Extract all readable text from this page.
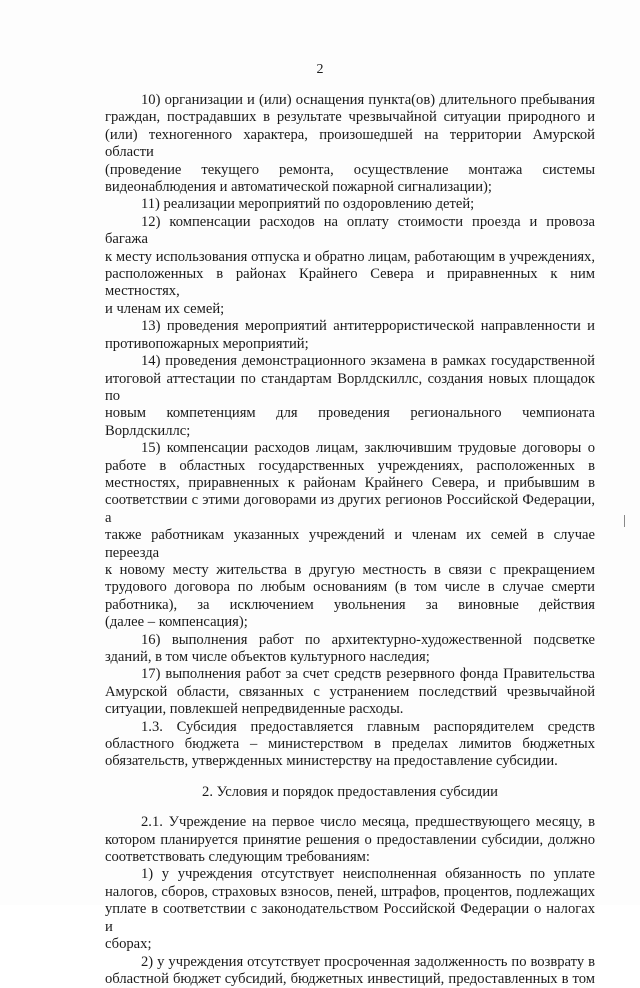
2

10) организации и (или) оснащения пункта(ов) длительного пребывания
граждан, пострадавших в результате чрезвычайной ситуации природного и
(или) техногенного характера, произошедшей на территории Амурской области
(проведение текущего ремонта, осуществление монтажа системы
видеонаблюдения и автоматической пожарной сигнализации);

11) реализации мероприятий по оздоровлению детей;

12) компенсации расходов на оплату стоимости проезда и провоза багажа
к месту использования отпуска и обратно лицам, работающим в учреждениях,
расположенных в районах Крайнего Севера и приравненных к ним местностях,
и членам их семей;

13) проведения мероприятий антитеррористической направленности и
противопожарных мероприятий;

14) проведения демонстрационного экзамена в рамках государственной
итоговой аттестации по стандартам Ворлдскиллс, создания новых площадок по
новым компетенциям для проведения регионального чемпионата Ворлдскиллс;

15) компенсации расходов лицам, заключившим трудовые договоры о
работе в областных государственных учреждениях, расположенных в
местностях, приравненных к районам Крайнего Севера, и прибывшим в
соответствии с этими договорами из других регионов Российской Федерации, а
также работникам указанных учреждений и членам их семей в случае переезда
к новому месту жительства в другую местность в связи с прекращением
трудового договора по любым основаниям (в том числе в случае смерти
работника), за исключением увольнения за виновные действия
(далее – компенсация);

16) выполнения работ по архитектурно-художественной подсветке
зданий, в том числе объектов культурного наследия;

17) выполнения работ за счет средств резервного фонда Правительства
Амурской области, связанных с устранением последствий чрезвычайной
ситуации, повлекшей непредвиденные расходы.

1.3. Субсидия предоставляется главным распорядителем средств
областного бюджета – министерством в пределах лимитов бюджетных
обязательств, утвержденных министерству на предоставление субсидии.

2. Условия и порядок предоставления субсидии

2.1. Учреждение на первое число месяца, предшествующего месяцу, в
котором планируется принятие решения о предоставлении субсидии, должно
соответствовать следующим требованиям:

1) у учреждения отсутствует неисполненная обязанность по уплате
налогов, сборов, страховых взносов, пеней, штрафов, процентов, подлежащих
уплате в соответствии с законодательством Российской Федерации о налогах и
сборах;

2) у учреждения отсутствует просроченная задолженность по возврату в
областной бюджет субсидий, бюджетных инвестиций, предоставленных в том
